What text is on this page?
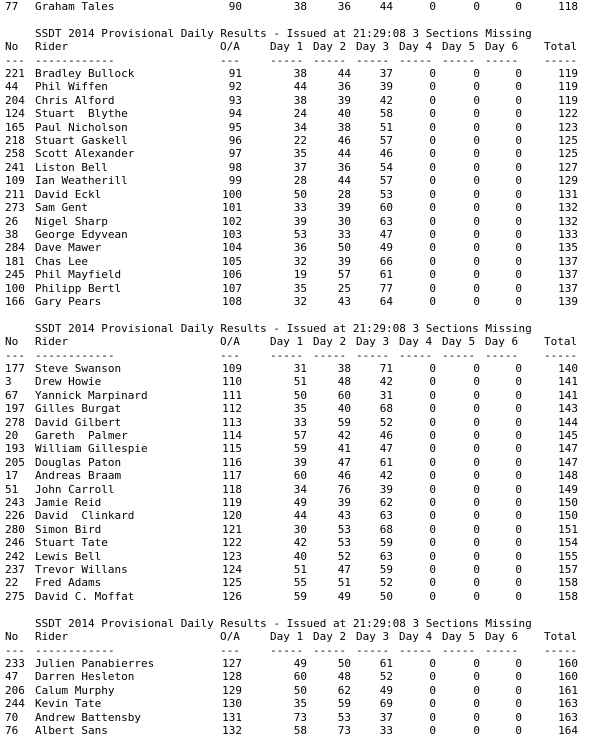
77 Graham Tales	90	38	36	44	0	0	0	118
SSDT 2014 Provisional Daily Results - Issued at 21:29:08 3 Sections Missing
No Rider	O/A	Day 1 Day 2 Day 3 Day 4 Day 5 Day 6 Total
--- ------------	---	----- ----- ----- ----- ----- ----- -----
221 Bradley Bullock	91	38	44	37	0	0	0	119
44 Phil Wiffen	92	44	36	39	0	0	0	119
204 Chris Alford	93	38	39	42	0	0	0	119
124 Stuart  Blythe	94	24	40	58	0	0	0	122
165 Paul Nicholson	95	34	38	51	0	0	0	123
218 Stuart Gaskell	96	22	46	57	0	0	0	125
258 Scott Alexander	97	35	44	46	0	0	0	125
241 Liston Bell	98	37	36	54	0	0	0	127
109 Ian Weatherill	99	28	44	57	0	0	0	129
211 David Eckl	100	50	28	53	0	0	0	131
273 Sam Gent	101	33	39	60	0	0	0	132
26 Nigel Sharp	102	39	30	63	0	0	0	132
38 George Edyvean	103	53	33	47	0	0	0	133
284 Dave Mawer	104	36	50	49	0	0	0	135
181 Chas Lee	105	32	39	66	0	0	0	137
245 Phil Mayfield	106	19	57	61	0	0	0	137
100 Philipp Bertl	107	35	25	77	0	0	0	137
166 Gary Pears	108	32	43	64	0	0	0	139
SSDT 2014 Provisional Daily Results - Issued at 21:29:08 3 Sections Missing
No Rider	O/A	Day 1 Day 2 Day 3 Day 4 Day 5 Day 6 Total
--- ------------	---	----- ----- ----- ----- ----- ----- -----
177 Steve Swanson	109	31	38	71	0	0	0	140
3 Drew Howie	110	51	48	42	0	0	0	141
67 Yannick Marpinard	111	50	60	31	0	0	0	141
197 Gilles Burgat	112	35	40	68	0	0	0	143
278 David Gilbert	113	33	59	52	0	0	0	144
20 Gareth  Palmer	114	57	42	46	0	0	0	145
193 William Gillespie	115	59	41	47	0	0	0	147
205 Douglas Paton	116	39	47	61	0	0	0	147
17 Andreas Braam	117	60	46	42	0	0	0	148
51 John Carroll	118	34	76	39	0	0	0	149
243 Jamie Reid	119	49	39	62	0	0	0	150
226 David  Clinkard	120	44	43	63	0	0	0	150
280 Simon Bird	121	30	53	68	0	0	0	151
246 Stuart Tate	122	42	53	59	0	0	0	154
242 Lewis Bell	123	40	52	63	0	0	0	155
237 Trevor Willans	124	51	47	59	0	0	0	157
22 Fred Adams	125	55	51	52	0	0	0	158
275 David C. Moffat	126	59	49	50	0	0	0	158
SSDT 2014 Provisional Daily Results - Issued at 21:29:08 3 Sections Missing
No Rider	O/A	Day 1 Day 2 Day 3 Day 4 Day 5 Day 6 Total
--- ------------	---	----- ----- ----- ----- ----- ----- -----
233 Julien Panabierres	127	49	50	61	0	0	0	160
47 Darren Hesleton	128	60	48	52	0	0	0	160
206 Calum Murphy	129	50	62	49	0	0	0	161
244 Kevin Tate	130	35	59	69	0	0	0	163
70 Andrew Battensby	131	73	53	37	0	0	0	163
76 Albert Sans	132	58	73	33	0	0	0	164
